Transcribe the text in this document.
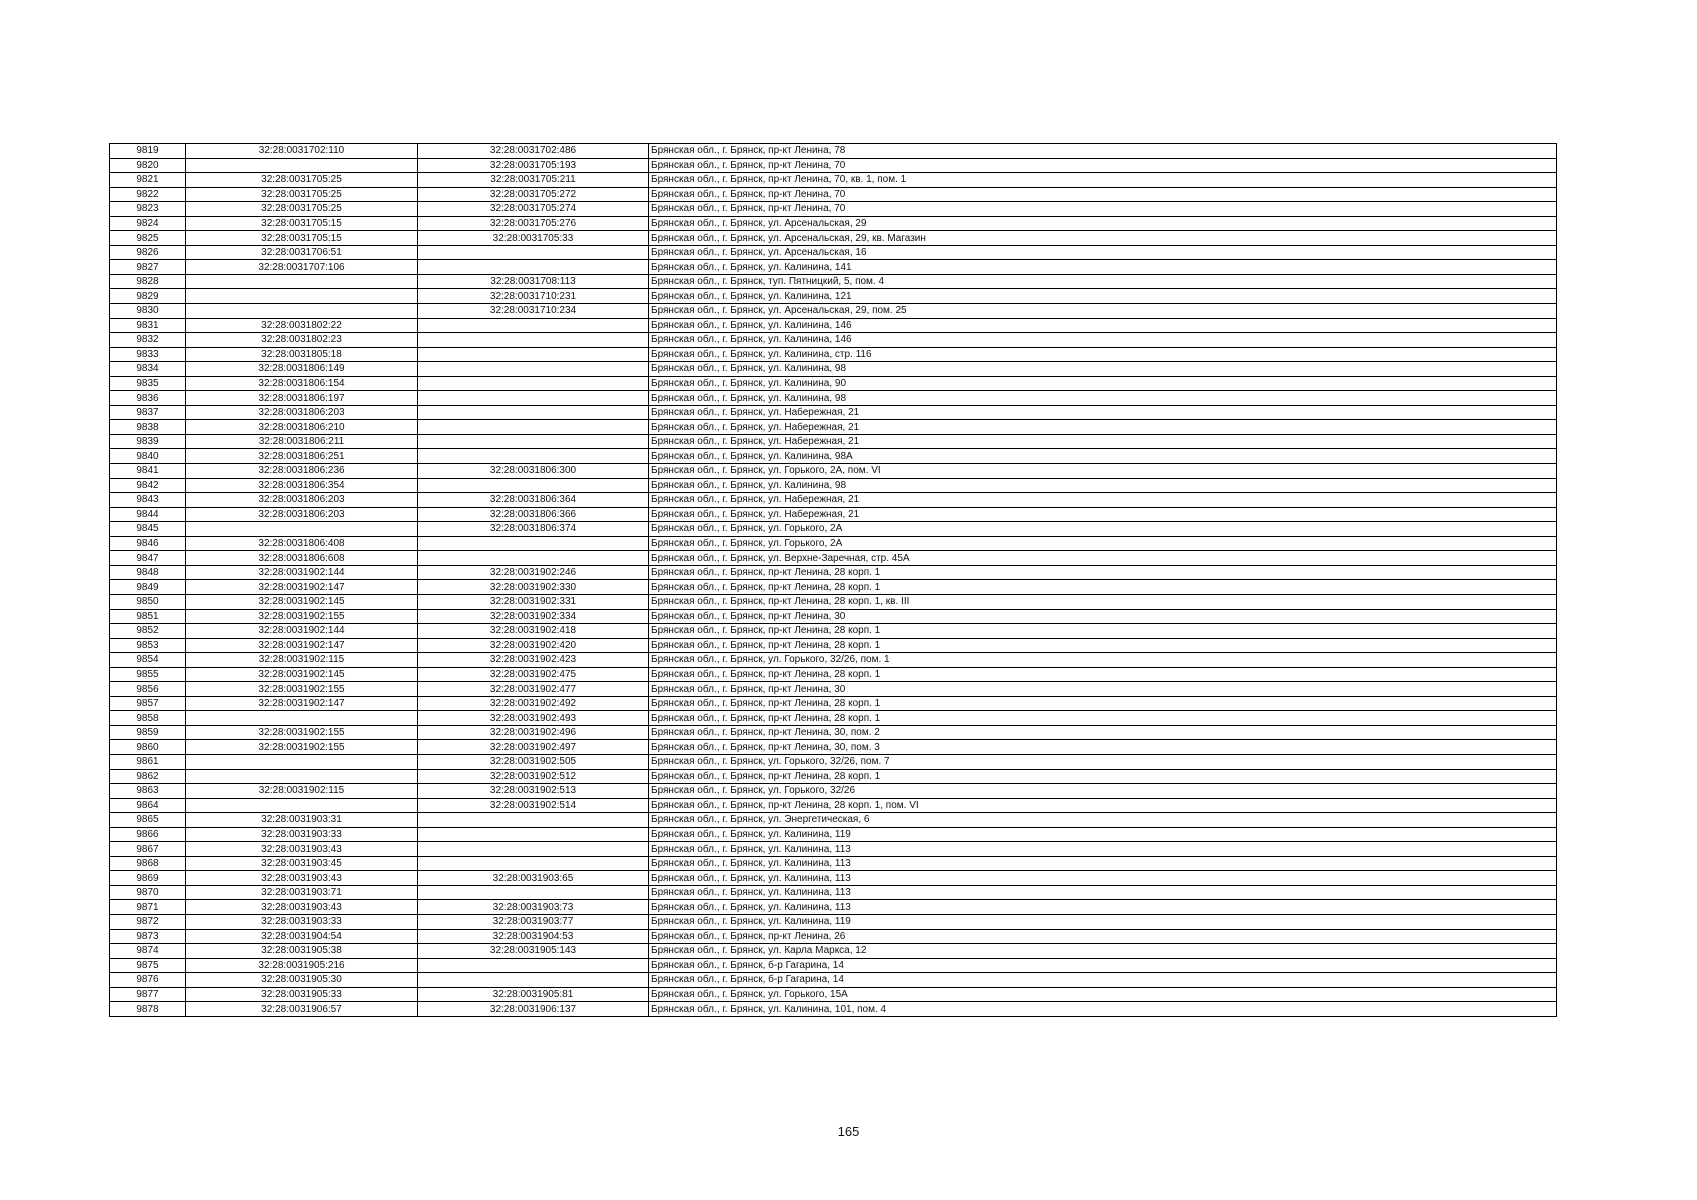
9819	32:28:0031702:110	32:28:0031702:486	Брянская обл., г. Брянск, пр-кт Ленина, 78
9820		32:28:0031705:193	Брянская обл., г. Брянск, пр-кт Ленина, 70
9821	32:28:0031705:25	32:28:0031705:211	Брянская обл., г. Брянск, пр-кт Ленина, 70, кв. 1, пом. 1
9822	32:28:0031705:25	32:28:0031705:272	Брянская обл., г. Брянск, пр-кт Ленина, 70
9823	32:28:0031705:25	32:28:0031705:274	Брянская обл., г. Брянск, пр-кт Ленина, 70
9824	32:28:0031705:15	32:28:0031705:276	Брянская обл., г. Брянск, ул. Арсенальская, 29
9825	32:28:0031705:15	32:28:0031705:33	Брянская обл., г. Брянск, ул. Арсенальская, 29, кв. Магазин
9826	32:28:0031706:51		Брянская обл., г. Брянск, ул. Арсенальская, 16
9827	32:28:0031707:106		Брянская обл., г. Брянск, ул. Калинина, 141
9828		32:28:0031708:113	Брянская обл., г. Брянск, туп. Пятницкий, 5, пом. 4
9829		32:28:0031710:231	Брянская обл., г. Брянск, ул. Калинина, 121
9830		32:28:0031710:234	Брянская обл., г. Брянск, ул. Арсенальская, 29, пом. 25
9831	32:28:0031802:22		Брянская обл., г. Брянск, ул. Калинина, 146
9832	32:28:0031802:23		Брянская обл., г. Брянск, ул. Калинина, 146
9833	32:28:0031805:18		Брянская обл., г. Брянск, ул. Калинина, стр. 116
9834	32:28:0031806:149		Брянская обл., г. Брянск, ул. Калинина, 98
9835	32:28:0031806:154		Брянская обл., г. Брянск, ул. Калинина, 90
9836	32:28:0031806:197		Брянская обл., г. Брянск, ул. Калинина, 98
9837	32:28:0031806:203		Брянская обл., г. Брянск, ул. Набережная, 21
9838	32:28:0031806:210		Брянская обл., г. Брянск, ул. Набережная, 21
9839	32:28:0031806:211		Брянская обл., г. Брянск, ул. Набережная, 21
9840	32:28:0031806:251		Брянская обл., г. Брянск, ул. Калинина, 98А
9841	32:28:0031806:236	32:28:0031806:300	Брянская обл., г. Брянск, ул. Горького, 2А, пом. VI
9842	32:28:0031806:354		Брянская обл., г. Брянск, ул. Калинина, 98
9843	32:28:0031806:203	32:28:0031806:364	Брянская обл., г. Брянск, ул. Набережная, 21
9844	32:28:0031806:203	32:28:0031806:366	Брянская обл., г. Брянск, ул. Набережная, 21
9845		32:28:0031806:374	Брянская обл., г. Брянск, ул. Горького, 2А
9846	32:28:0031806:408		Брянская обл., г. Брянск, ул. Горького, 2А
9847	32:28:0031806:608		Брянская обл., г. Брянск, ул. Верхне-Заречная, стр. 45А
9848	32:28:0031902:144	32:28:0031902:246	Брянская обл., г. Брянск, пр-кт Ленина, 28 корп. 1
9849	32:28:0031902:147	32:28:0031902:330	Брянская обл., г. Брянск, пр-кт Ленина, 28 корп. 1
9850	32:28:0031902:145	32:28:0031902:331	Брянская обл., г. Брянск, пр-кт Ленина, 28 корп. 1, кв. III
9851	32:28:0031902:155	32:28:0031902:334	Брянская обл., г. Брянск, пр-кт Ленина, 30
9852	32:28:0031902:144	32:28:0031902:418	Брянская обл., г. Брянск, пр-кт Ленина, 28 корп. 1
9853	32:28:0031902:147	32:28:0031902:420	Брянская обл., г. Брянск, пр-кт Ленина, 28 корп. 1
9854	32:28:0031902:115	32:28:0031902:423	Брянская обл., г. Брянск, ул. Горького, 32/26, пом. 1
9855	32:28:0031902:145	32:28:0031902:475	Брянская обл., г. Брянск, пр-кт Ленина, 28 корп. 1
9856	32:28:0031902:155	32:28:0031902:477	Брянская обл., г. Брянск, пр-кт Ленина, 30
9857	32:28:0031902:147	32:28:0031902:492	Брянская обл., г. Брянск, пр-кт Ленина, 28 корп. 1
9858		32:28:0031902:493	Брянская обл., г. Брянск, пр-кт Ленина, 28 корп. 1
9859	32:28:0031902:155	32:28:0031902:496	Брянская обл., г. Брянск, пр-кт Ленина, 30, пом. 2
9860	32:28:0031902:155	32:28:0031902:497	Брянская обл., г. Брянск, пр-кт Ленина, 30, пом. 3
9861		32:28:0031902:505	Брянская обл., г. Брянск, ул. Горького, 32/26, пом. 7
9862		32:28:0031902:512	Брянская обл., г. Брянск, пр-кт Ленина, 28 корп. 1
9863	32:28:0031902:115	32:28:0031902:513	Брянская обл., г. Брянск, ул. Горького, 32/26
9864		32:28:0031902:514	Брянская обл., г. Брянск, пр-кт Ленина, 28 корп. 1, пом. VI
9865	32:28:0031903:31		Брянская обл., г. Брянск, ул. Энергетическая, 6
9866	32:28:0031903:33		Брянская обл., г. Брянск, ул. Калинина, 119
9867	32:28:0031903:43		Брянская обл., г. Брянск, ул. Калинина, 113
9868	32:28:0031903:45		Брянская обл., г. Брянск, ул. Калинина, 113
9869	32:28:0031903:43	32:28:0031903:65	Брянская обл., г. Брянск, ул. Калинина, 113
9870	32:28:0031903:71		Брянская обл., г. Брянск, ул. Калинина, 113
9871	32:28:0031903:43	32:28:0031903:73	Брянская обл., г. Брянск, ул. Калинина, 113
9872	32:28:0031903:33	32:28:0031903:77	Брянская обл., г. Брянск, ул. Калинина, 119
9873	32:28:0031904:54	32:28:0031904:53	Брянская обл., г. Брянск, пр-кт Ленина, 26
9874	32:28:0031905:38	32:28:0031905:143	Брянская обл., г. Брянск, ул. Карла Маркса, 12
9875	32:28:0031905:216		Брянская обл., г. Брянск, б-р Гагарина, 14
9876	32:28:0031905:30		Брянская обл., г. Брянск, б-р Гагарина, 14
9877	32:28:0031905:33	32:28:0031905:81	Брянская обл., г. Брянск, ул. Горького, 15А
9878	32:28:0031906:57	32:28:0031906:137	Брянская обл., г. Брянск, ул. Калинина, 101, пом. 4
165
